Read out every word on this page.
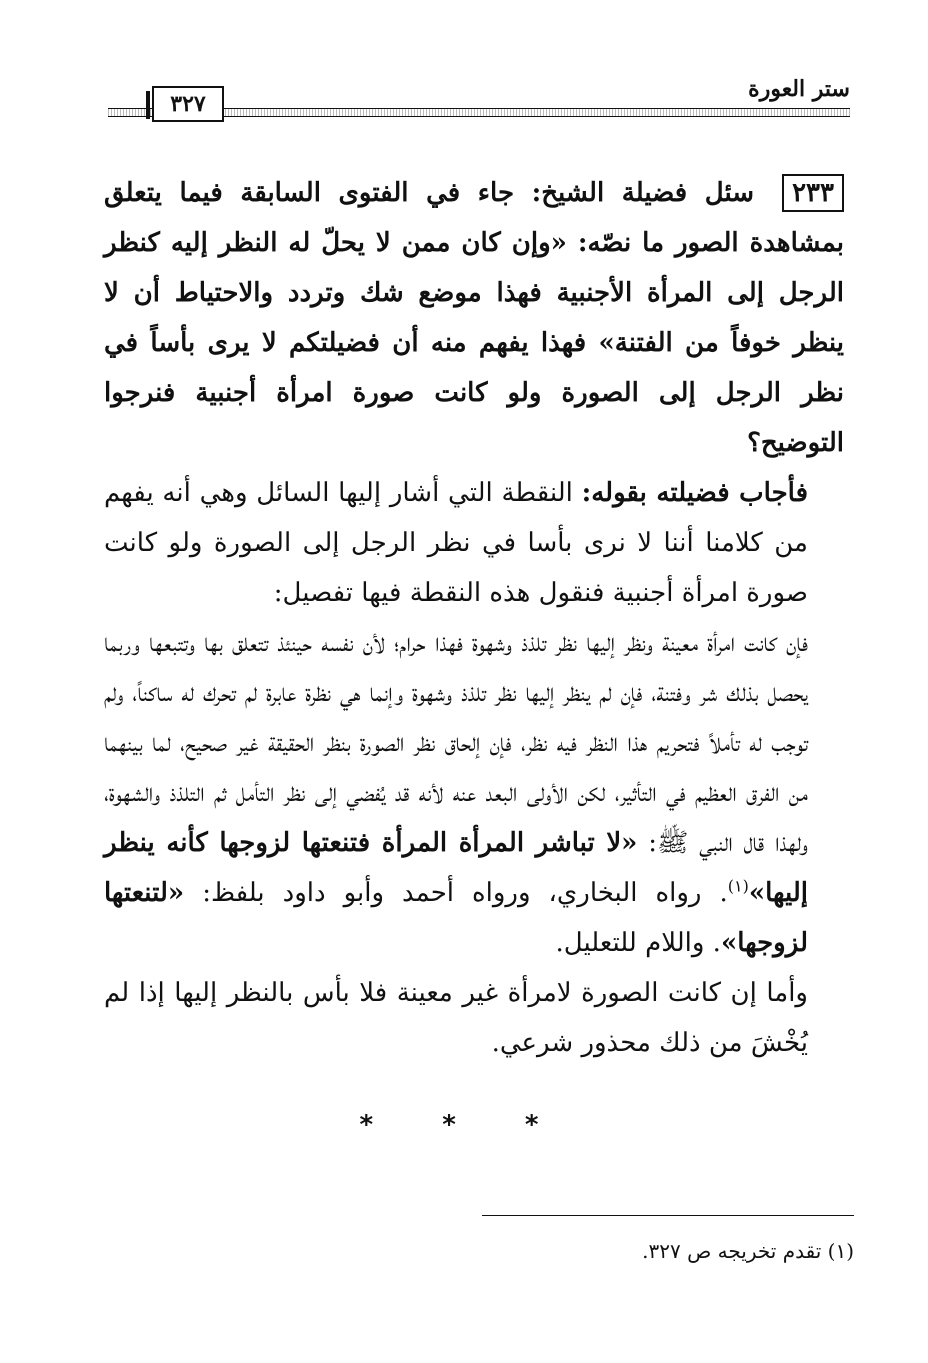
ستر العورة
٣٢٧

٢٣٣سئل فضيلة الشيخ: جاء في الفتوى السابقة فيما يتعلق بمشاهدة الصور ما نصّه: «وإن كان ممن لا يحلّ له النظر إليه كنظر الرجل إلى المرأة الأجنبية فهذا موضع شك وتردد والاحتياط أن لا ينظر خوفاً من الفتنة» فهذا يفهم منه أن فضيلتكم لا يرى بأساً في نظر الرجل إلى الصورة ولو كانت صورة امرأة أجنبية فنرجوا التوضيح؟

فأجاب فضيلته بقوله: النقطة التي أشار إليها السائل وهي أنه يفهم من كلامنا أننا لا نرى بأسا في نظر الرجل إلى الصورة ولو كانت صورة امرأة أجنبية فنقول هذه النقطة فيها تفصيل:

فإن كانت امرأة معينة ونظر إليها نظر تلذذ وشهوة فهذا حرام؛ لأن نفسه حينئذ تتعلق بها وتتبعها وربما يحصل بذلك شر وفتنة، فإن لم ينظر إليها نظر تلذذ وشهوة وإنما هي نظرة عابرة لم تحرك له ساكناً، ولم توجب له تأملاً فتحريم هذا النظر فيه نظر، فإن إلحاق نظر الصورة بنظر الحقيقة غير صحيح، لما بينهما من الفرق العظيم في التأثير، لكن الأولى البعد عنه لأنه قد يُفضي إلى نظر التأمل ثم التلذذ والشهوة، ولهذا قال النبي ﷺ: «لا تباشر المرأة المرأة فتنعتها لزوجها كأنه ينظر إليها»$^{(١)}$. رواه البخاري، ورواه أحمد وأبو داود بلفظ: «لتنعتها لزوجها». واللام للتعليل.

وأما إن كانت الصورة لامرأة غير معينة فلا بأس بالنظر إليها إذا لم يُخْشَ من ذلك محذور شرعي.

* * *
(١) تقدم تخريجه ص ٣٢٧.
